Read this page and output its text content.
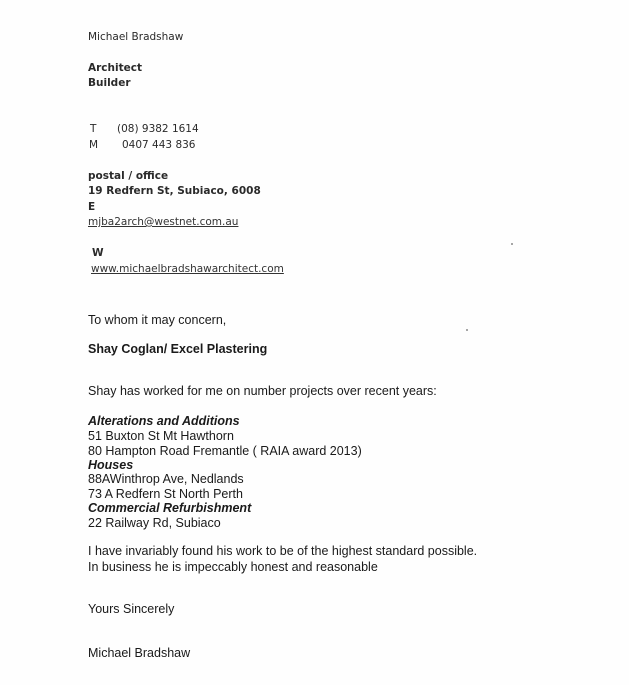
Michael Bradshaw
Architect
Builder
T (08) 9382 1614
M 0407 443 836
postal / office
19 Redfern St, Subiaco, 6008
E
mjba2arch@westnet.com.au
W
www.michaelbradshawarchitect.com
To whom it may concern,
Shay Coglan/ Excel Plastering
Shay has worked for me on number projects over recent years:
Alterations and Additions
51 Buxton St Mt Hawthorn
80 Hampton Road Fremantle ( RAIA award 2013)
Houses
88AWinthrop Ave, Nedlands
73 A Redfern St North Perth
Commercial Refurbishment
22 Railway Rd, Subiaco
I have invariably found his work to be of the highest standard possible.
In business he is impeccably honest and reasonable
Yours Sincerely
Michael Bradshaw
